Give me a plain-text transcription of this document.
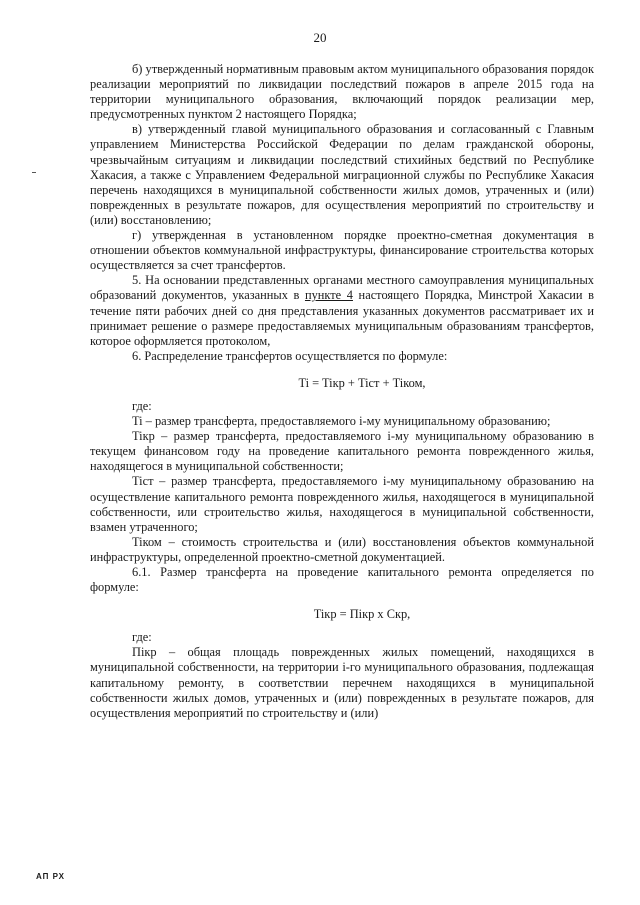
20

б) утвержденный нормативным правовым актом муниципального образования порядок реализации мероприятий по ликвидации последствий пожаров в апреле 2015 года на территории муниципального образования, включающий порядок реализации мер, предусмотренных пунктом 2 настоящего Порядка;

в) утвержденный главой муниципального образования и согласованный с Главным управлением Министерства Российской Федерации по делам гражданской обороны, чрезвычайным ситуациям и ликвидации последствий стихийных бедствий по Республике Хакасия, а также с Управлением Федеральной миграционной службы по Республике Хакасия перечень находящихся в муниципальной собственности жилых домов, утраченных и (или) поврежденных в результате пожаров, для осуществления мероприятий по строительству и (или) восстановлению;

г) утвержденная в установленном порядке проектно-сметная документация в отношении объектов коммунальной инфраструктуры, финансирование строительства которых осуществляется за счет трансфертов.

5. На основании представленных органами местного самоуправления муниципальных образований документов, указанных в пункте 4 настоящего Порядка, Минстрой Хакасии в течение пяти рабочих дней со дня представления указанных документов рассматривает их и принимает решение о размере предоставляемых муниципальным образованиям трансфертов, которое оформляется протоколом,

6. Распределение трансфертов осуществляется по формуле:

Ti = Tiкр + Tiст + Tiком,

где:

Ti – размер трансферта, предоставляемого i-му муниципальному образованию;

Tiкр – размер трансферта, предоставляемого i-му муниципальному образованию в текущем финансовом году на проведение капитального ремонта поврежденного жилья, находящегося в муниципальной собственности;

Tiст – размер трансферта, предоставляемого i-му муниципальному образованию на осуществление капитального ремонта поврежденного жилья, находящегося в муниципальной собственности, или строительство жилья, находящегося в муниципальной собственности, взамен утраченного;

Tiком – стоимость строительства и (или) восстановления объектов коммунальной инфраструктуры, определенной проектно-сметной документацией.

6.1. Размер трансферта на проведение капитального ремонта определяется по формуле:

Tiкр = Пiкр x Скр,

где:

Пiкр – общая площадь поврежденных жилых помещений, находящихся в муниципальной собственности, на территории i-го муниципального образования, подлежащая капитальному ремонту, в соответствии перечнем находящихся в муниципальной собственности жилых домов, утраченных и (или) поврежденных в результате пожаров, для осуществления мероприятий по строительству и (или)

АП РХ
